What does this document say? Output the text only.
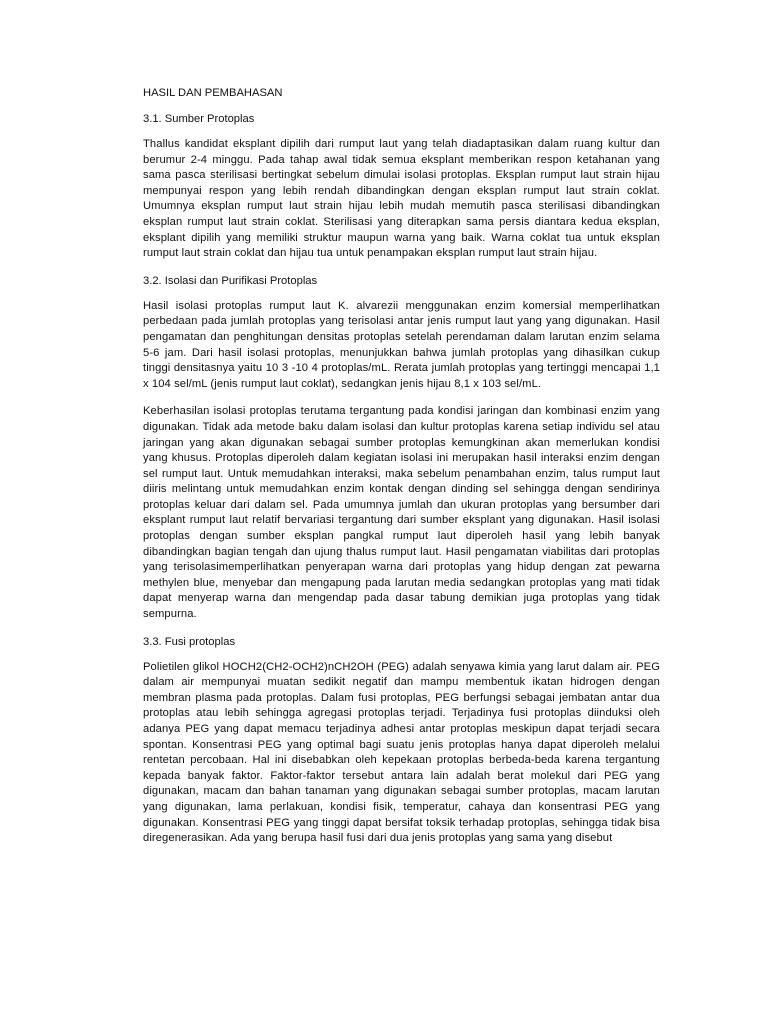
HASIL DAN PEMBAHASAN

3.1. Sumber Protoplas

Thallus kandidat eksplant dipilih dari rumput laut yang telah diadaptasikan dalam ruang kultur dan berumur 2-4 minggu. Pada tahap awal tidak semua eksplant memberikan respon ketahanan yang sama pasca sterilisasi bertingkat sebelum dimulai isolasi protoplas. Eksplan rumput laut strain hijau mempunyai respon yang lebih rendah dibandingkan dengan eksplan rumput laut strain coklat. Umumnya eksplan rumput laut strain hijau lebih mudah memutih pasca sterilisasi dibandingkan eksplan rumput laut strain coklat. Sterilisasi yang diterapkan sama persis diantara kedua eksplan, eksplant dipilih yang memiliki struktur maupun warna yang baik. Warna coklat tua untuk eksplan rumput laut strain coklat dan hijau tua untuk penampakan eksplan rumput laut strain hijau.

3.2. Isolasi dan Purifikasi Protoplas

Hasil isolasi protoplas rumput laut K. alvarezii menggunakan enzim komersial memperlihatkan perbedaan pada jumlah protoplas yang terisolasi antar jenis rumput laut yang yang digunakan. Hasil pengamatan dan penghitungan densitas protoplas setelah perendaman dalam larutan enzim selama 5-6 jam. Dari hasil isolasi protoplas, menunjukkan bahwa jumlah protoplas yang dihasilkan cukup tinggi densitasnya yaitu 10 3 -10 4 protoplas/mL. Rerata jumlah protoplas yang tertinggi mencapai 1,1 x 104 sel/mL (jenis rumput laut coklat), sedangkan jenis hijau 8,1 x 103 sel/mL.

Keberhasilan isolasi protoplas terutama tergantung pada kondisi jaringan dan kombinasi enzim yang digunakan. Tidak ada metode baku dalam isolasi dan kultur protoplas karena setiap individu sel atau jaringan yang akan digunakan sebagai sumber protoplas kemungkinan akan memerlukan kondisi yang khusus. Protoplas diperoleh dalam kegiatan isolasi ini merupakan hasil interaksi enzim dengan sel rumput laut. Untuk memudahkan interaksi, maka sebelum penambahan enzim, talus rumput laut diiris melintang untuk memudahkan enzim kontak dengan dinding sel sehingga dengan sendirinya protoplas keluar dari dalam sel. Pada umumnya jumlah dan ukuran protoplas yang bersumber dari eksplant rumput laut relatif bervariasi tergantung dari sumber eksplant yang digunakan. Hasil isolasi protoplas dengan sumber eksplan pangkal rumput laut diperoleh hasil yang lebih banyak dibandingkan bagian tengah dan ujung thalus rumput laut. Hasil pengamatan viabilitas dari protoplas yang terisolasimemperlihatkan penyerapan warna dari protoplas yang hidup dengan zat pewarna methylen blue, menyebar dan mengapung pada larutan media sedangkan protoplas yang mati tidak dapat menyerap warna dan mengendap pada dasar tabung demikian juga protoplas yang tidak sempurna.

3.3. Fusi protoplas

Polietilen glikol HOCH2(CH2-OCH2)nCH2OH (PEG) adalah senyawa kimia yang larut dalam air. PEG dalam air mempunyai muatan sedikit negatif dan mampu membentuk ikatan hidrogen dengan membran plasma pada protoplas. Dalam fusi protoplas, PEG berfungsi sebagai jembatan antar dua protoplas atau lebih sehingga agregasi protoplas terjadi. Terjadinya fusi protoplas diinduksi oleh adanya PEG yang dapat memacu terjadinya adhesi antar protoplas meskipun dapat terjadi secara spontan. Konsentrasi PEG yang optimal bagi suatu jenis protoplas hanya dapat diperoleh melalui rentetan percobaan. Hal ini disebabkan oleh kepekaan protoplas berbeda-beda karena tergantung kepada banyak faktor. Faktor-faktor tersebut antara lain adalah berat molekul dari PEG yang digunakan, macam dan bahan tanaman yang digunakan sebagai sumber protoplas, macam larutan yang digunakan, lama perlakuan, kondisi fisik, temperatur, cahaya dan konsentrasi PEG yang digunakan. Konsentrasi PEG yang tinggi dapat bersifat toksik terhadap protoplas, sehingga tidak bisa diregenerasikan. Ada yang berupa hasil fusi dari dua jenis protoplas yang sama yang disebut
